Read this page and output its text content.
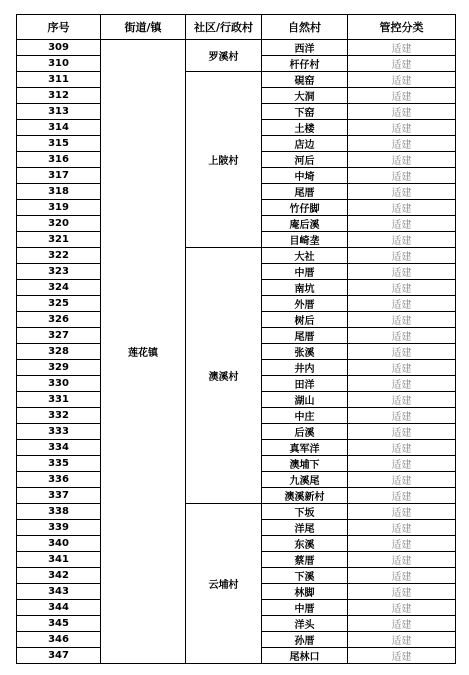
序号	街道/镇	社区/行政村	自然村	管控分类
309	莲花镇	罗溪村	西洋	适建
310			杆仔村	适建
311		上陂村	硯窑	适建
312			大洞	适建
313			下窑	适建
314			土楼	适建
315			店边	适建
316			河后	适建
317			中埼	适建
318			尾厝	适建
319			竹仔脚	适建
320			庵后溪	适建
321			目崎垄	适建
322		澳溪村	大社	适建
323			中厝	适建
324			南坑	适建
325			外厝	适建
326			树后	适建
327			尾厝	适建
328			张溪	适建
329			井内	适建
330			田洋	适建
331			湖山	适建
332			中庄	适建
333			后溪	适建
334			真军洋	适建
335			澳埔下	适建
336			九溪尾	适建
337			澳溪新村	适建
338		云埔村	下坂	适建
339			洋尾	适建
340			东溪	适建
341			蔡厝	适建
342			下溪	适建
343			林脚	适建
344			中厝	适建
345			洋头	适建
346			孙厝	适建
347			尾林口	适建
